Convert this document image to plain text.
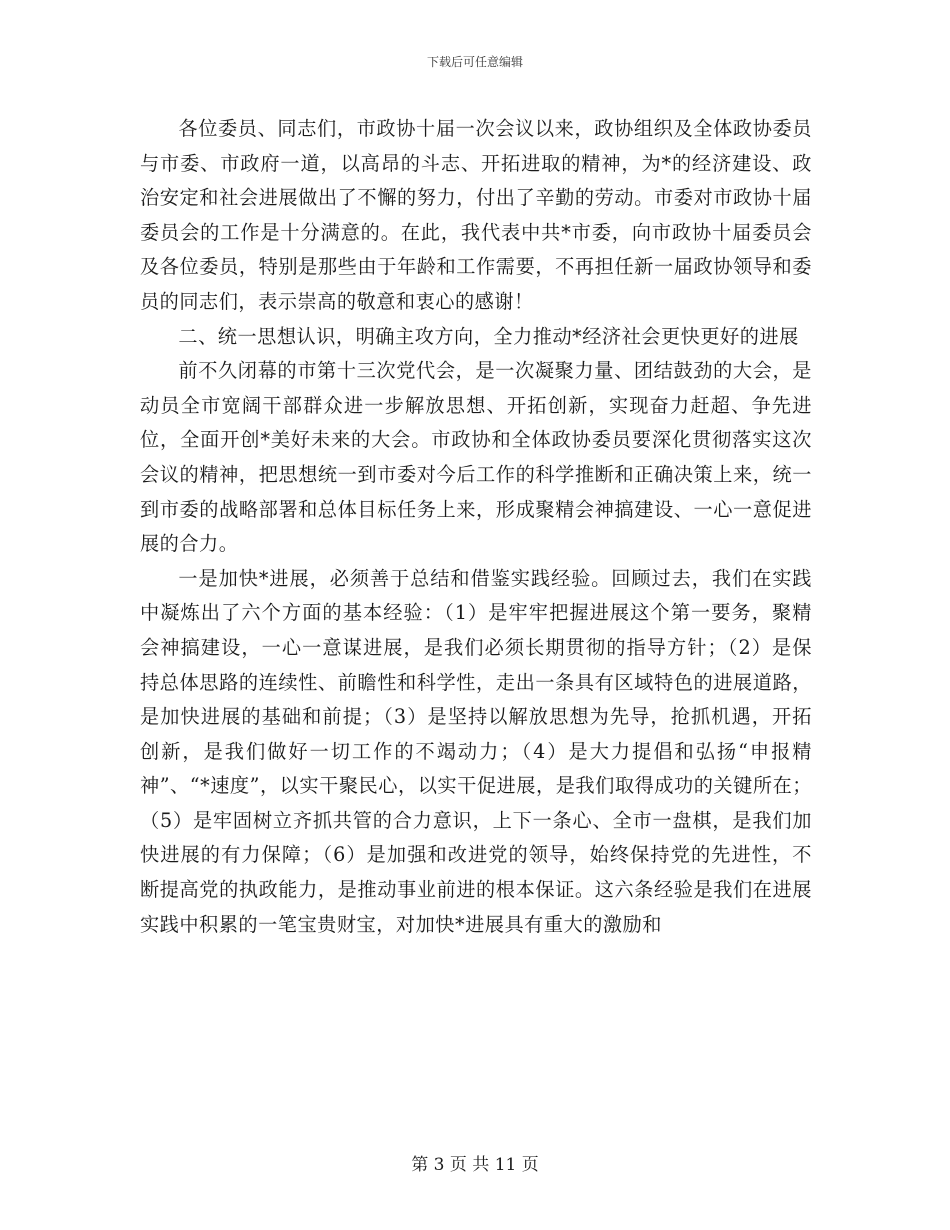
下载后可任意编辑

各位委员、同志们，市政协十届一次会议以来，政协组织及全体政协委员与市委、市政府一道，以高昂的斗志、开拓进取的精神，为*的经济建设、政治安定和社会进展做出了不懈的努力，付出了辛勤的劳动。市委对市政协十届委员会的工作是十分满意的。在此，我代表中共*市委，向市政协十届委员会及各位委员，特别是那些由于年龄和工作需要，不再担任新一届政协领导和委员的同志们，表示崇高的敬意和衷心的感谢！

二、统一思想认识，明确主攻方向，全力推动*经济社会更快更好的进展

前不久闭幕的市第十三次党代会，是一次凝聚力量、团结鼓劲的大会，是动员全市宽阔干部群众进一步解放思想、开拓创新，实现奋力赶超、争先进位，全面开创*美好未来的大会。市政协和全体政协委员要深化贯彻落实这次会议的精神，把思想统一到市委对今后工作的科学推断和正确决策上来，统一到市委的战略部署和总体目标任务上来，形成聚精会神搞建设、一心一意促进展的合力。

一是加快*进展，必须善于总结和借鉴实践经验。回顾过去，我们在实践中凝炼出了六个方面的基本经验：（1）是牢牢把握进展这个第一要务，聚精会神搞建设，一心一意谋进展，是我们必须长期贯彻的指导方针；（2）是保持总体思路的连续性、前瞻性和科学性，走出一条具有区域特色的进展道路，是加快进展的基础和前提；（3）是坚持以解放思想为先导，抢抓机遇，开拓创新，是我们做好一切工作的不竭动力；（4）是大力提倡和弘扬“申报精神”、“*速度”，以实干聚民心，以实干促进展，是我们取得成功的关键所在；（5）是牢固树立齐抓共管的合力意识，上下一条心、全市一盘棋，是我们加快进展的有力保障；（6）是加强和改进党的领导，始终保持党的先进性，不断提高党的执政能力，是推动事业前进的根本保证。这六条经验是我们在进展实践中积累的一笔宝贵财宝，对加快*进展具有重大的激励和

第 3 页 共 11 页
